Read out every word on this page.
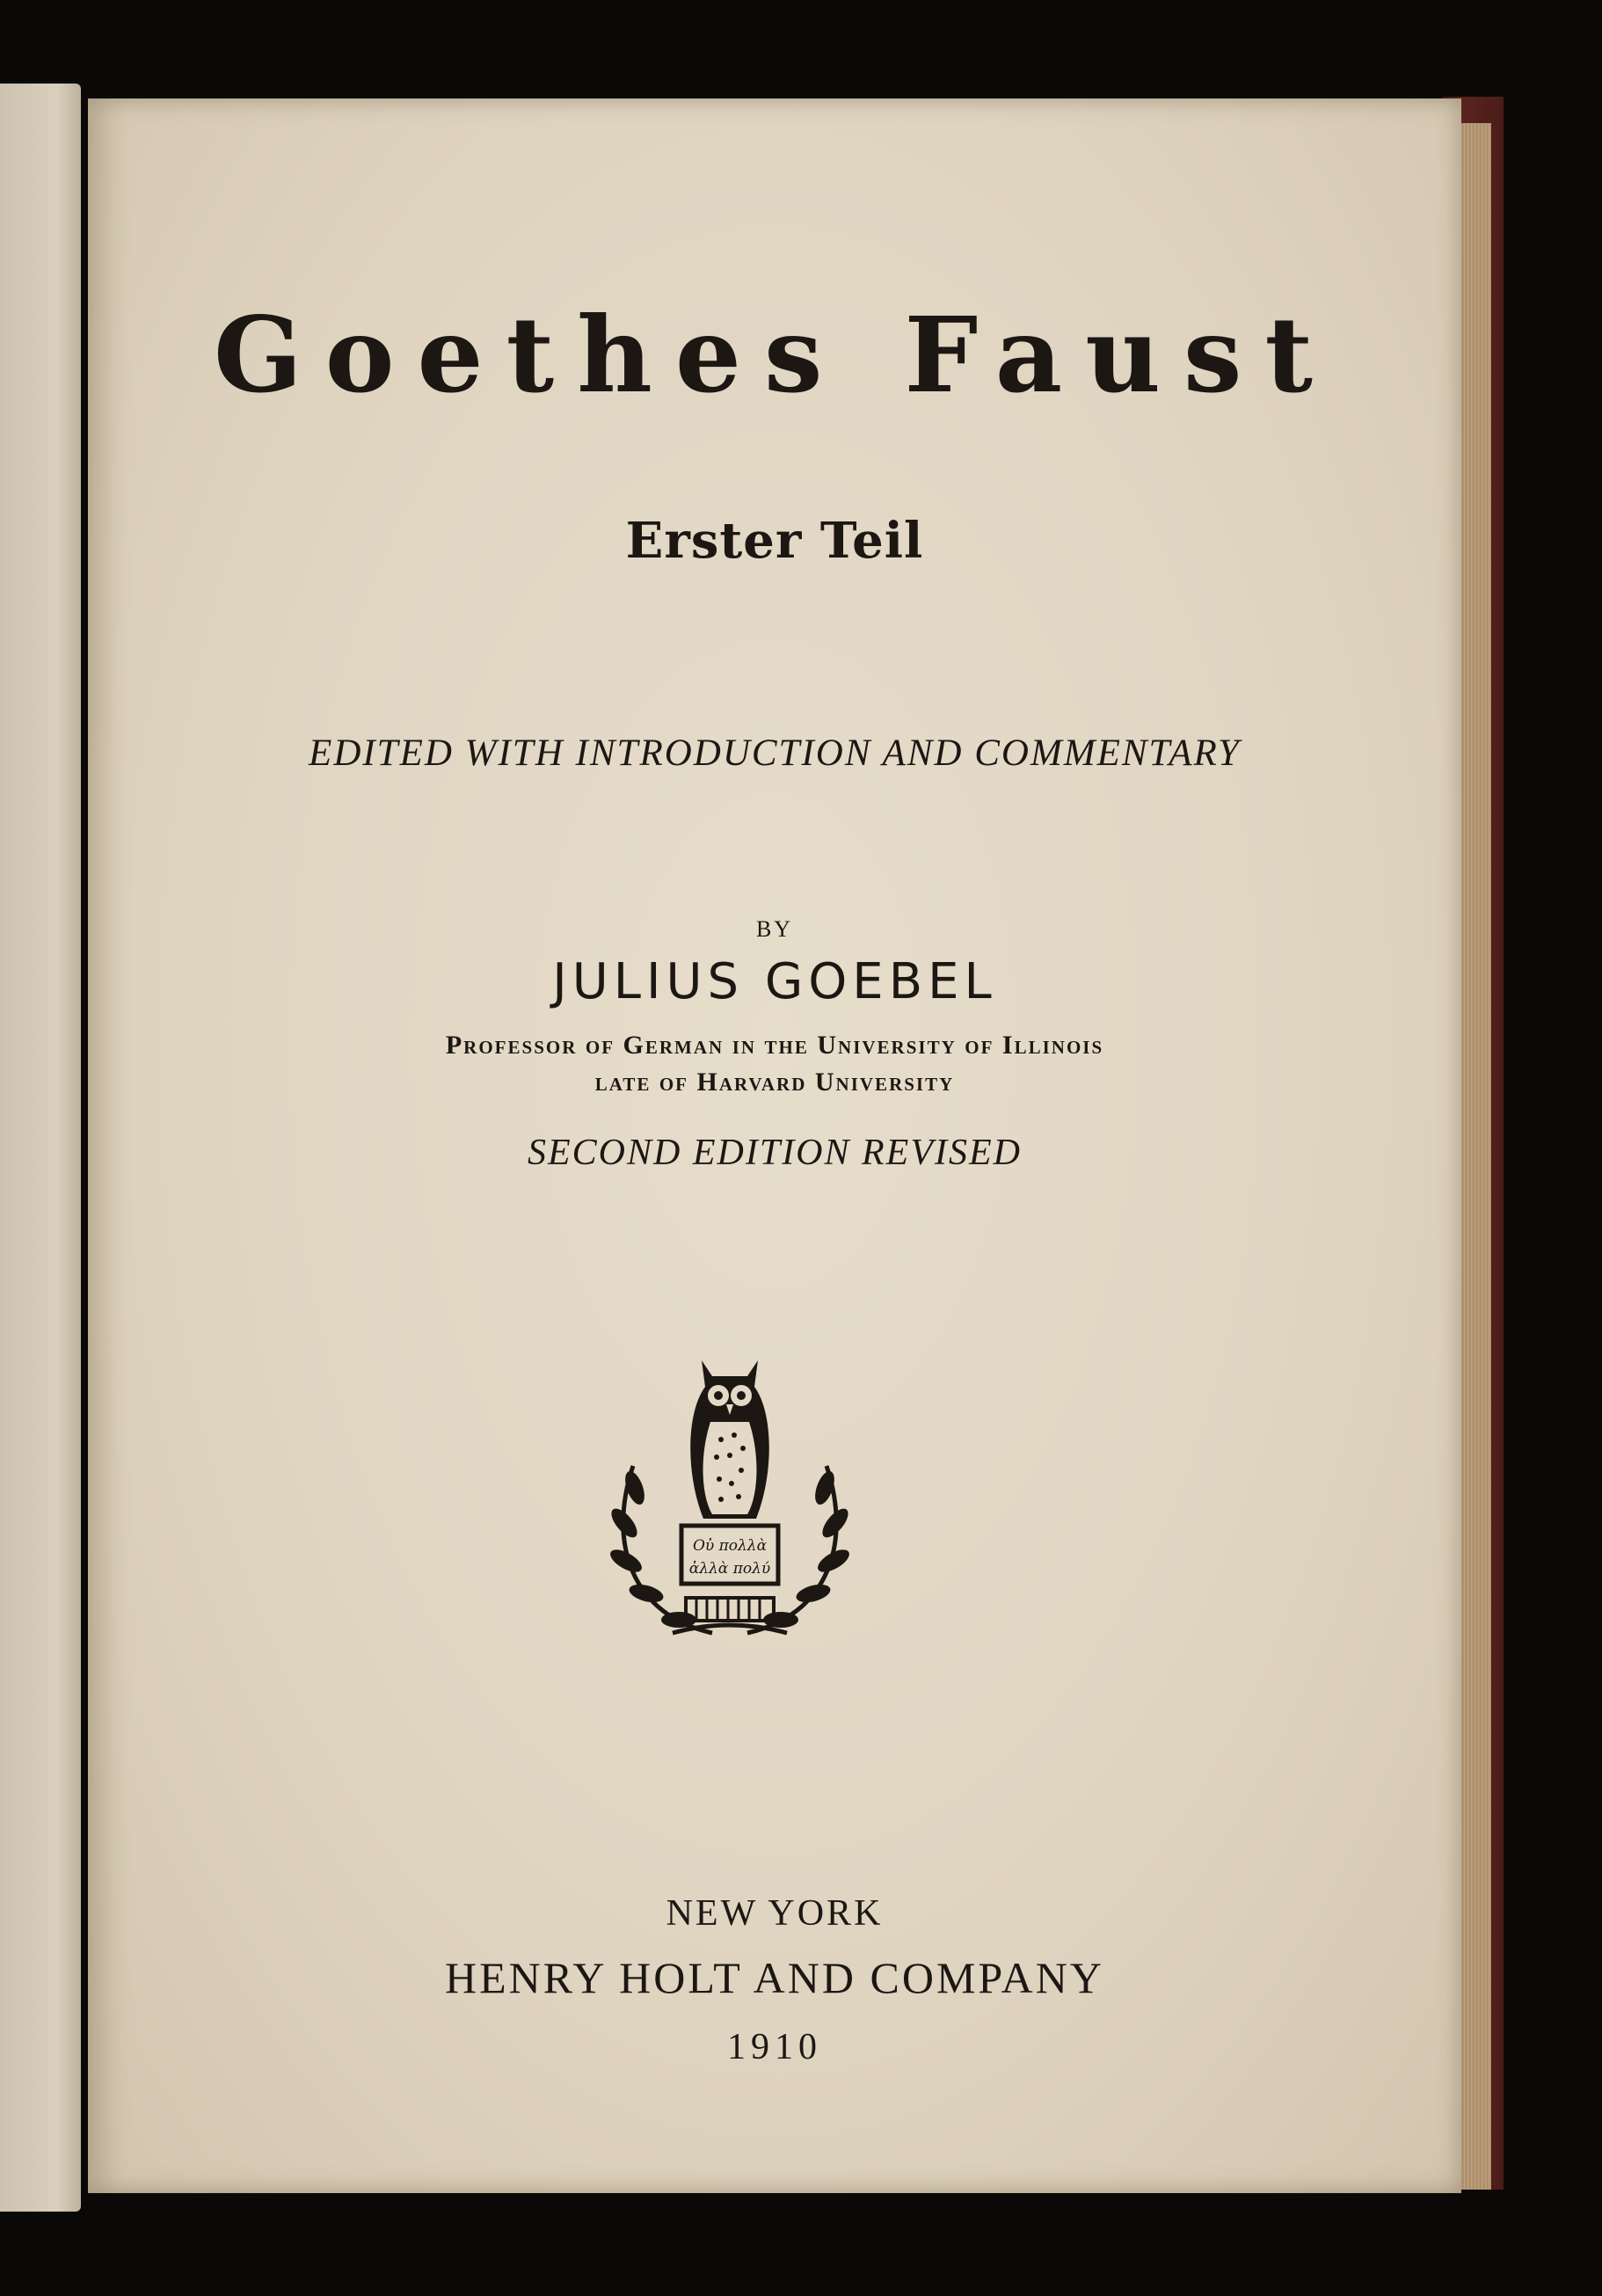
Goethes Faust
Erster Teil
EDITED WITH INTRODUCTION AND COMMENTARY
BY
JULIUS GOEBEL
Professor of German in the University of Illinois
late of Harvard University
SECOND EDITION REVISED
Οὐ πολλὰ
ἀλλὰ πολύ
NEW YORK
HENRY HOLT AND COMPANY
1910
